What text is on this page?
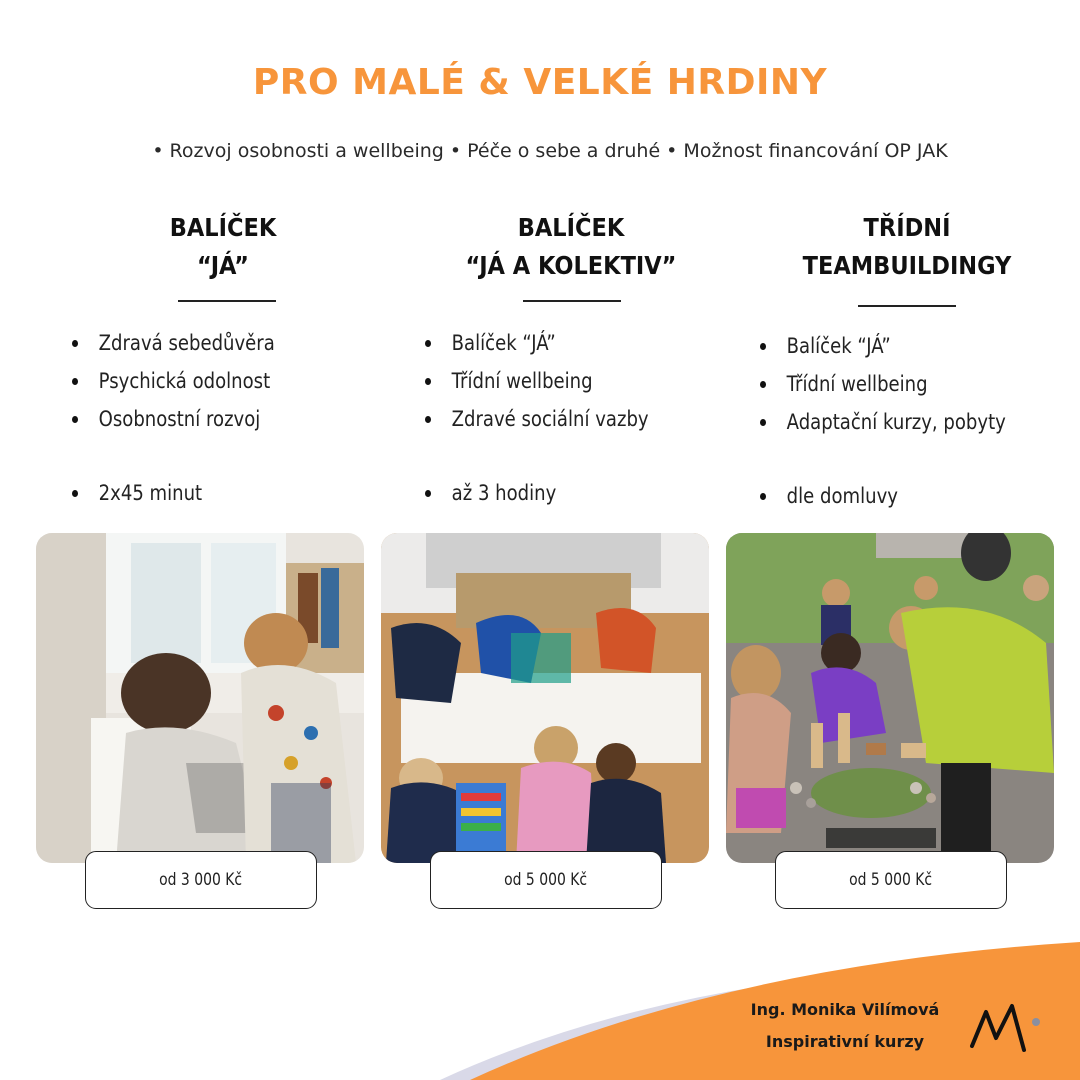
PRO MALÉ & VELKÉ HRDINY
• Rozvoj osobnosti a wellbeing • Péče o sebe a druhé • Možnost financování OP JAK
BALÍČEK
“JÁ”
Zdravá sebedůvěra
Psychická odolnost
Osobnostní rozvoj
2x45 minut
BALÍČEK
“JÁ A KOLEKTIV”
Balíček “JÁ”
Třídní wellbeing
Zdravé sociální vazby
až 3 hodiny
TŘÍDNÍ
TEAMBUILDINGY
Balíček “JÁ”
Třídní wellbeing
Adaptační kurzy, pobyty
dle domluvy
od 3 000 Kč	od 5 000 Kč	od 5 000 Kč
Ing. Monika Vilímová
Inspirativní kurzy
